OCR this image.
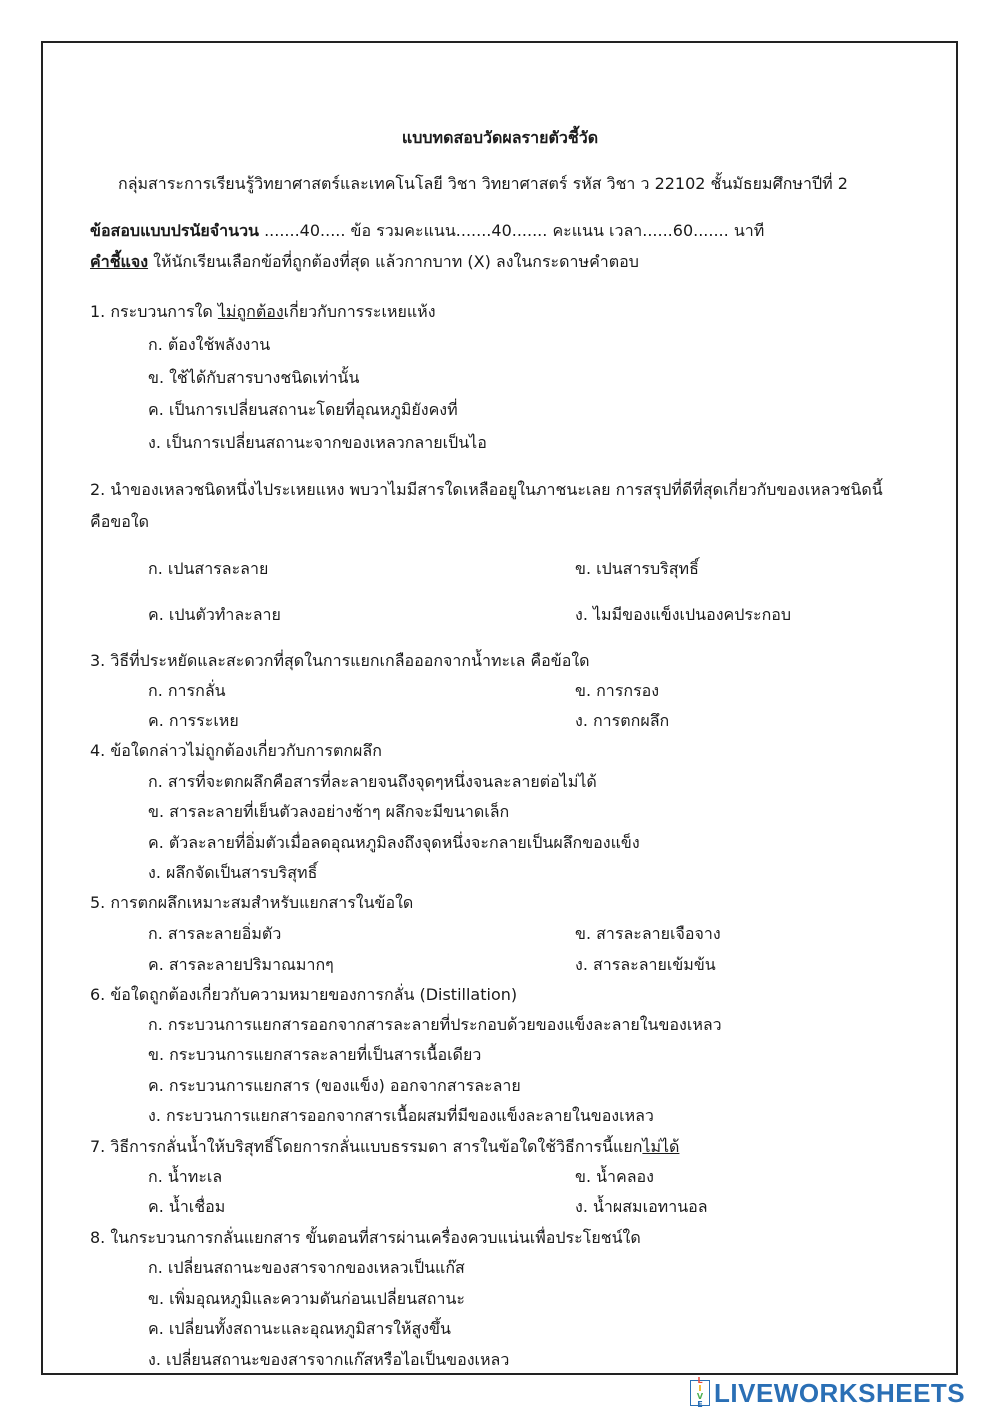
แบบทดสอบวัดผลรายตัวชี้วัด
กลุ่มสาระการเรียนรู้วิทยาศาสตร์และเทคโนโลยี วิชา วิทยาศาสตร์ รหัส วิชา ว 22102 ชั้นมัธยมศึกษาปีที่ 2
ข้อสอบแบบปรนัยจำนวน .......40..... ข้อ รวมคะแนน.......40....... คะแนน เวลา......60....... นาที
คำชี้แจง ให้นักเรียนเลือกข้อที่ถูกต้องที่สุด แล้วกากบาท (X) ลงในกระดาษคำตอบ
1. กระบวนการใด ไม่ถูกต้องเกี่ยวกับการระเหยแห้ง
ก. ต้องใช้พลังงาน
ข. ใช้ได้กับสารบางชนิดเท่านั้น
ค. เป็นการเปลี่ยนสถานะโดยที่อุณหภูมิยังคงที่
ง. เป็นการเปลี่ยนสถานะจากของเหลวกลายเป็นไอ
2. นำของเหลวชนิดหนึ่งไประเหยแหง พบวาไมมีสารใดเหลืออยูในภาชนะเลย การสรุปที่ดีที่สุดเกี่ยวกับของเหลวชนิดนี้
คือขอใด
ก. เปนสารละลาย	ข. เปนสารบริสุทธิ์
ค. เปนตัวทำละลาย	ง. ไมมีของแข็งเปนองคประกอบ
3. วิธีที่ประหยัดและสะดวกที่สุดในการแยกเกลือออกจากน้ำทะเล คือข้อใด
ก. การกลั่น	ข. การกรอง
ค. การระเหย	ง. การตกผลึก
4. ข้อใดกล่าวไม่ถูกต้องเกี่ยวกับการตกผลึก
ก. สารที่จะตกผลึกคือสารที่ละลายจนถึงจุดๆหนึ่งจนละลายต่อไม่ได้
ข. สารละลายที่เย็นตัวลงอย่างช้าๆ ผลึกจะมีขนาดเล็ก
ค. ตัวละลายที่อิ่มตัวเมื่อลดอุณหภูมิลงถึงจุดหนึ่งจะกลายเป็นผลึกของแข็ง
ง. ผลึกจัดเป็นสารบริสุทธิ์
5. การตกผลึกเหมาะสมสำหรับแยกสารในข้อใด
ก. สารละลายอิ่มตัว	ข. สารละลายเจือจาง
ค. สารละลายปริมาณมากๆ	ง. สารละลายเข้มข้น
6. ข้อใดถูกต้องเกี่ยวกับความหมายของการกลั่น (Distillation)
ก. กระบวนการแยกสารออกจากสารละลายที่ประกอบด้วยของแข็งละลายในของเหลว
ข. กระบวนการแยกสารละลายที่เป็นสารเนื้อเดียว
ค. กระบวนการแยกสาร (ของแข็ง) ออกจากสารละลาย
ง. กระบวนการแยกสารออกจากสารเนื้อผสมที่มีของแข็งละลายในของเหลว
7. วิธีการกลั่นน้ำให้บริสุทธิ์โดยการกลั่นแบบธรรมดา สารในข้อใดใช้วิธีการนี้แยกไม่ได้
ก. น้ำทะเล	ข. น้ำคลอง
ค. น้ำเชื่อม	ง. น้ำผสมเอทานอล
8. ในกระบวนการกลั่นแยกสาร ขั้นตอนที่สารผ่านเครื่องควบแน่นเพื่อประโยชน์ใด
ก. เปลี่ยนสถานะของสารจากของเหลวเป็นแก๊ส
ข. เพิ่มอุณหภูมิและความดันก่อนเปลี่ยนสถานะ
ค. เปลี่ยนทั้งสถานะและอุณหภูมิสารให้สูงขึ้น
ง. เปลี่ยนสถานะของสารจากแก๊สหรือไอเป็นของเหลว
L
I
V
E LIVEWORKSHEETS
